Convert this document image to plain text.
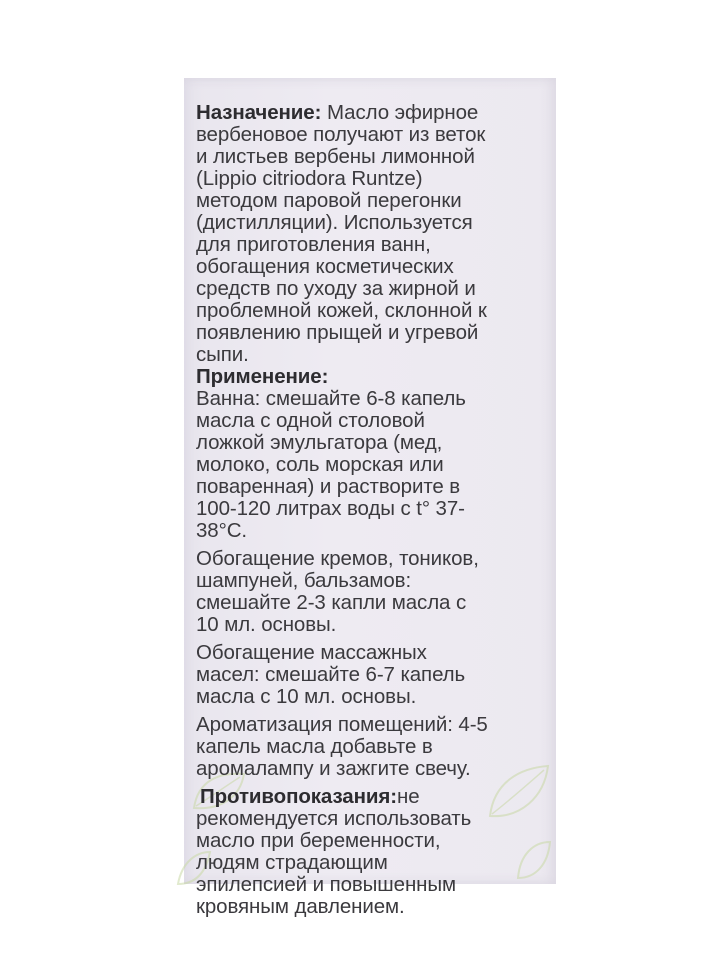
Назначение: Масло эфирное
вербеновое получают из веток
и листьев вербены лимонной
(Lippio citriodora Runtze)
методом паровой перегонки
(дистилляции). Используется
для приготовления ванн,
обогащения косметических
средств по уходу за жирной и
проблемной кожей, склонной к
появлению прыщей и угревой
сыпи.
Применение:
Ванна: смешайте 6-8 капель
масла с одной столовой
ложкой эмульгатора (мед,
молоко, соль морская или
поваренная) и растворите в
100-120 литрах воды с t° 37-
38°С.
Обогащение кремов, тоников,
шампуней, бальзамов:
смешайте 2-3 капли масла с
10 мл. основы.
Обогащение массажных
масел: смешайте 6-7 капель
масла с 10 мл. основы.
Ароматизация помещений: 4-5
капель масла добавьте в
аромалампу и зажгите свечу.
Противопоказания:не
рекомендуется использовать
масло при беременности,
людям страдающим
эпилепсией и повышенным
кровяным давлением.
